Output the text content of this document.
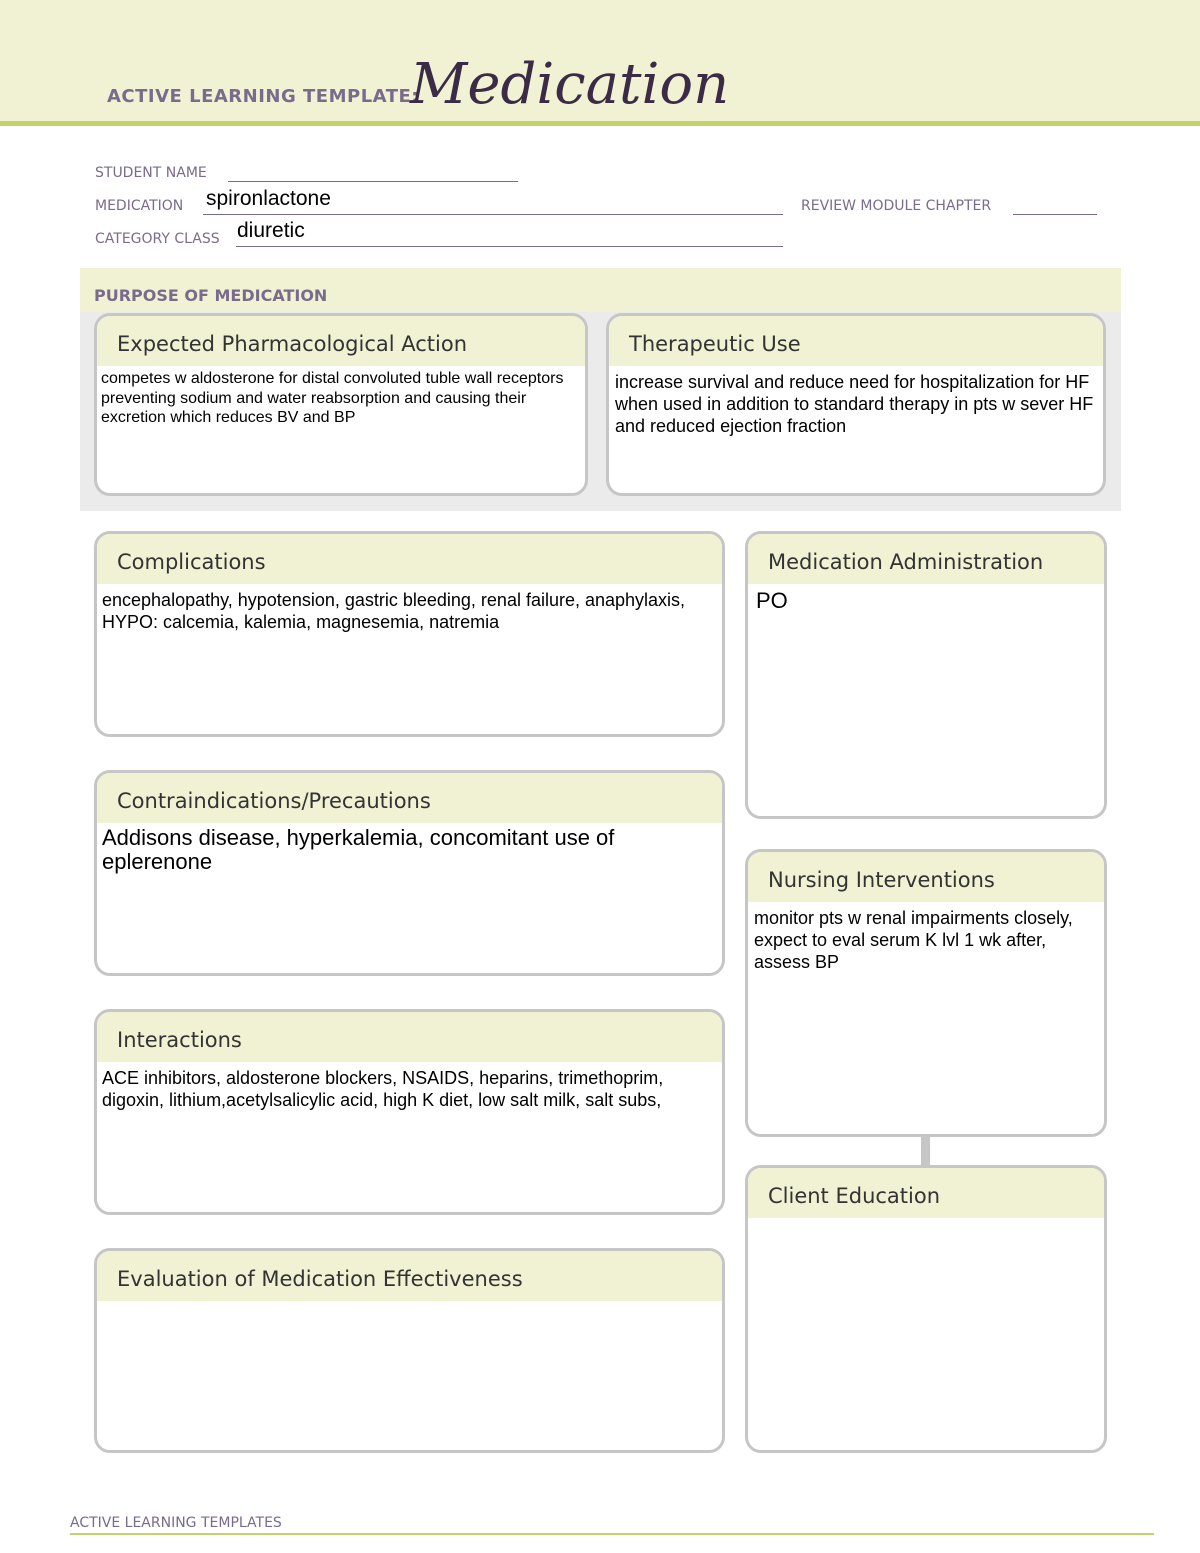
ACTIVE LEARNING TEMPLATE:
Medication
STUDENT NAME
MEDICATION spironlactone	REVIEW MODULE CHAPTER
CATEGORY CLASS diuretic
PURPOSE OF MEDICATION
Expected Pharmacological Action
competes w aldosterone for distal convoluted tuble wall receptors preventing sodium and water reabsorption and causing their excretion which reduces BV and BP
Therapeutic Use
increase survival and reduce need for hospitalization for HF when used in addition to standard therapy in pts w sever HF and reduced ejection fraction
Complications
encephalopathy, hypotension, gastric bleeding, renal failure, anaphylaxis, HYPO: calcemia, kalemia, magnesemia, natremia
Contraindications/Precautions
Addisons disease, hyperkalemia, concomitant use of eplerenone
Interactions
ACE inhibitors, aldosterone blockers, NSAIDS, heparins, trimethoprim, digoxin, lithium,acetylsalicylic acid, high K diet, low salt milk, salt subs,
Evaluation of Medication Effectiveness
Medication Administration
PO
Nursing Interventions
monitor pts w renal impairments closely, expect to eval serum K lvl 1 wk after, assess BP
Client Education
ACTIVE LEARNING TEMPLATES
